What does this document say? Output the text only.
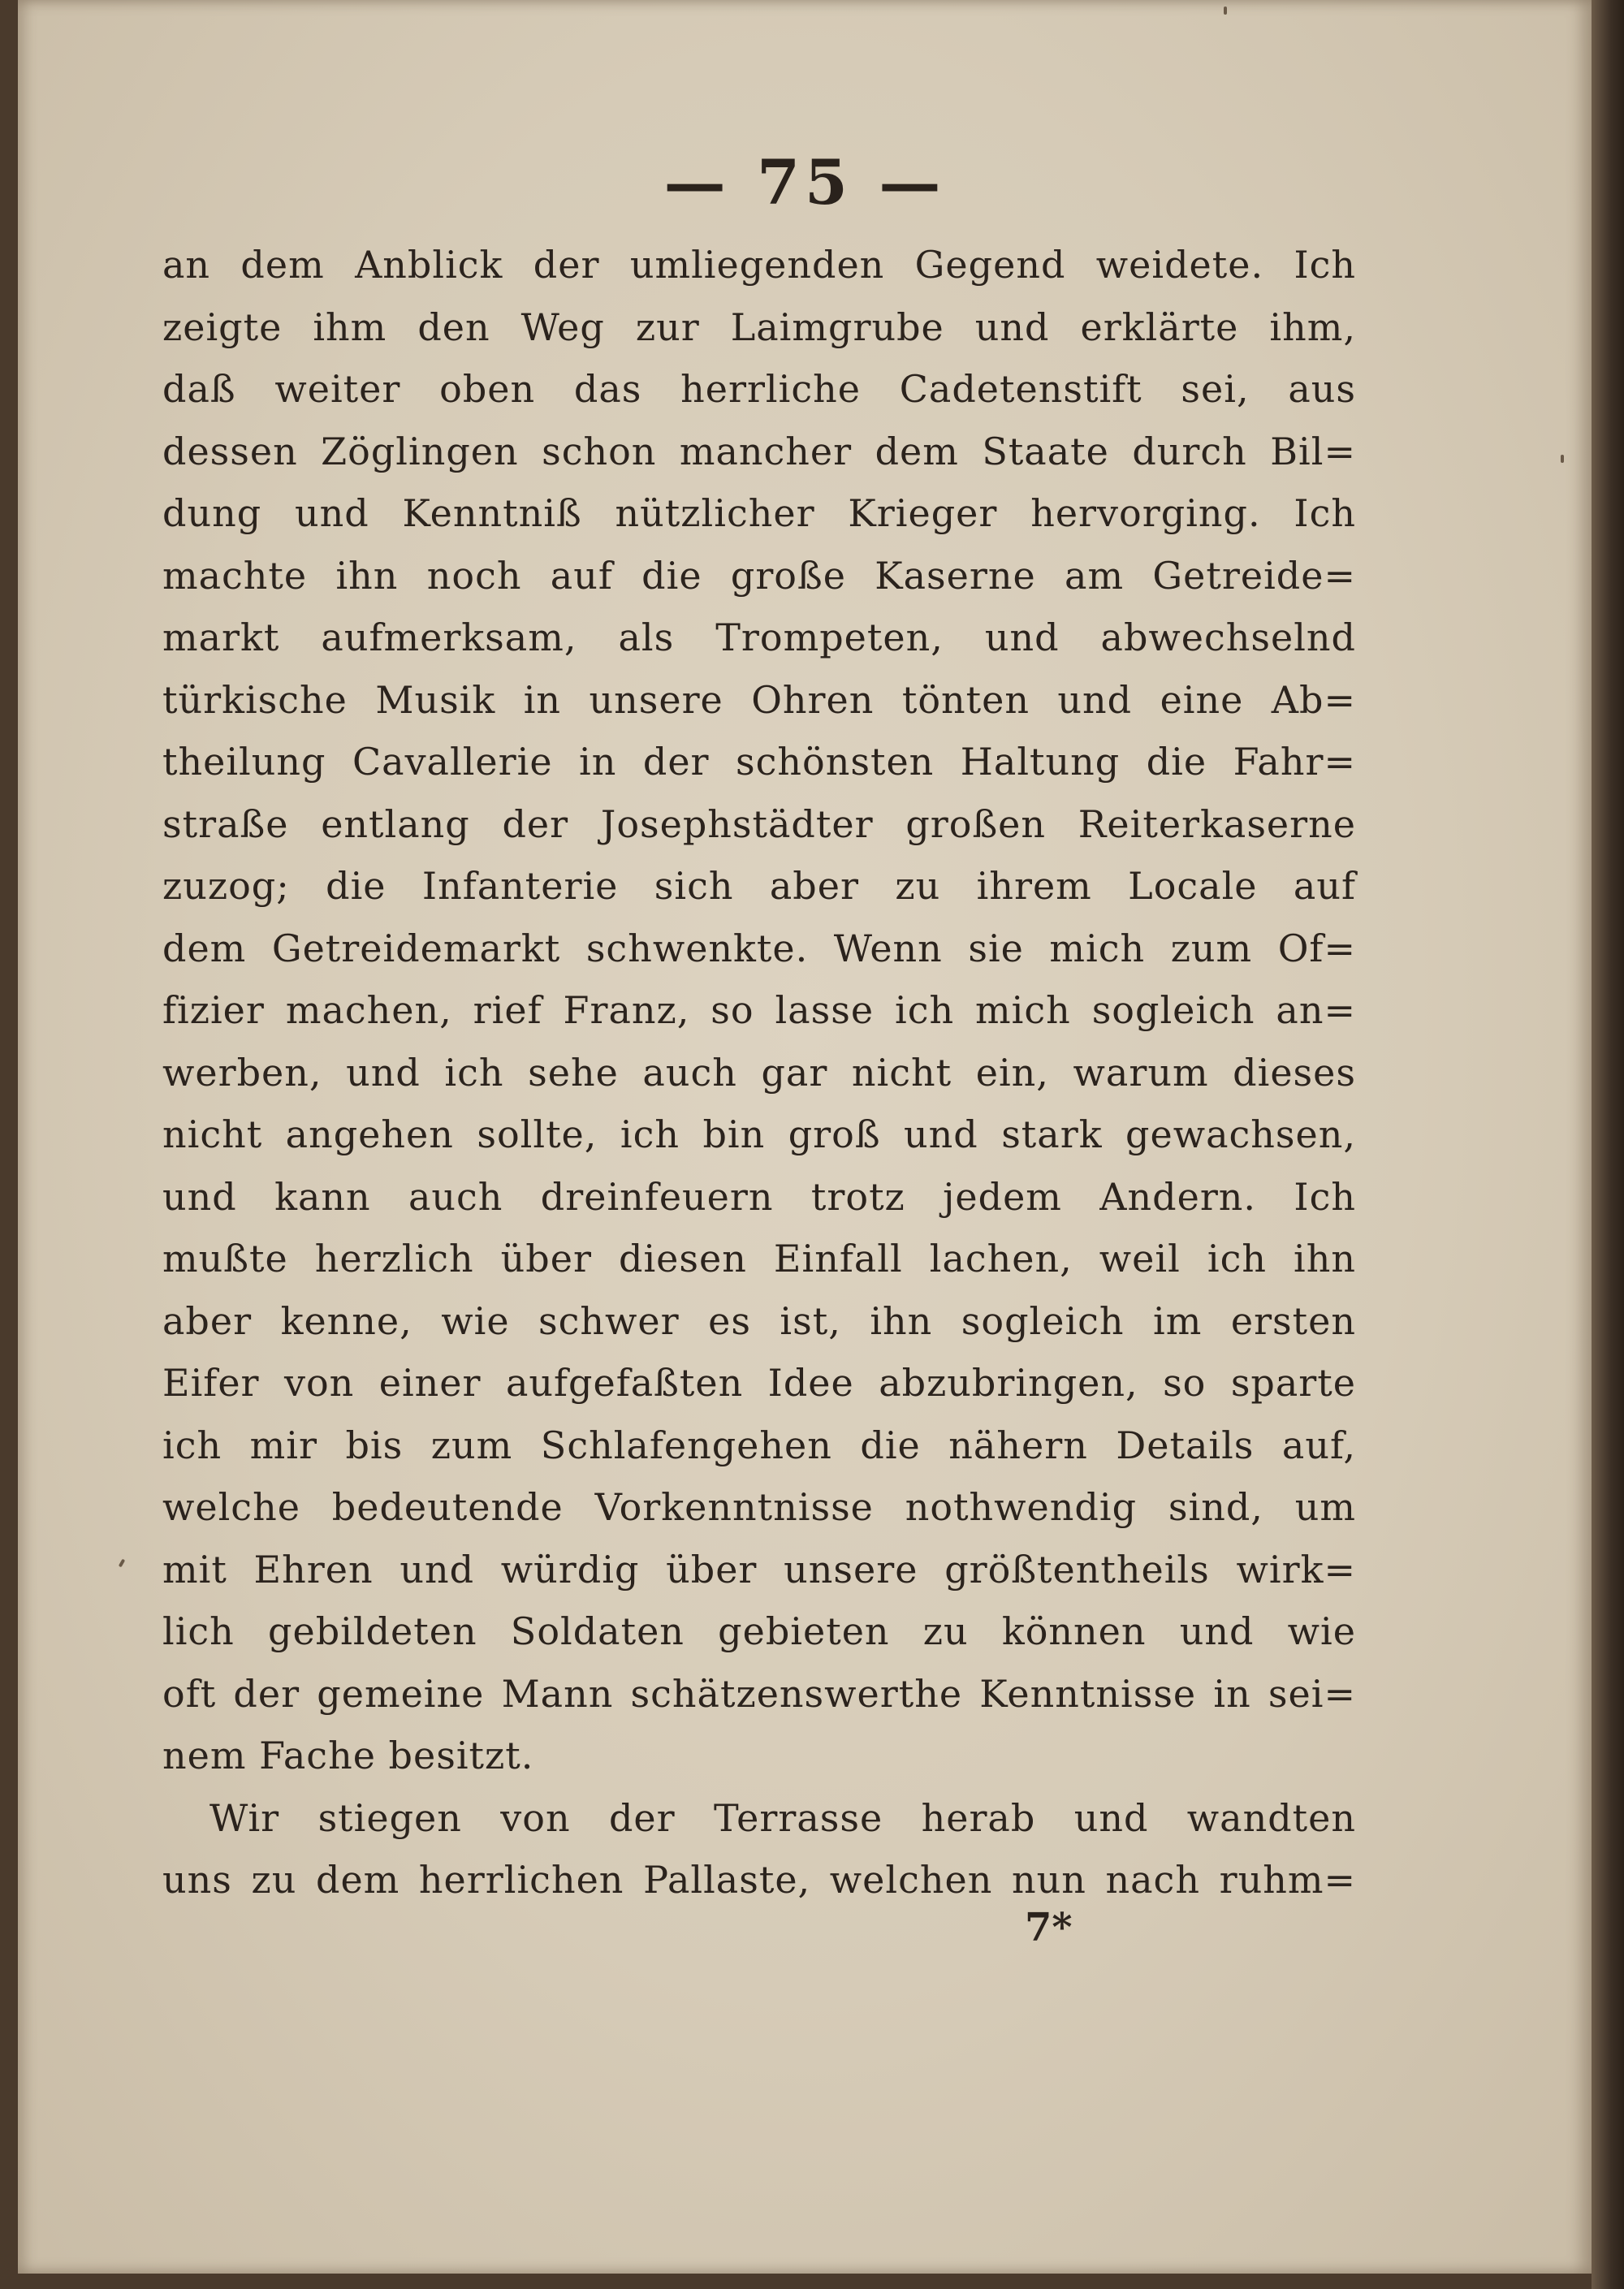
— 75 —
an dem Anblick der umliegenden Gegend weidete. Ich
zeigte ihm den Weg zur Laimgrube und erklärte ihm,
daß weiter oben das herrliche Cadetenstift sei, aus
dessen Zöglingen schon mancher dem Staate durch Bil=
dung und Kenntniß nützlicher Krieger hervorging. Ich
machte ihn noch auf die große Kaserne am Getreide=
markt aufmerksam, als Trompeten, und abwechselnd
türkische Musik in unsere Ohren tönten und eine Ab=
theilung Cavallerie in der schönsten Haltung die Fahr=
straße entlang der Josephstädter großen Reiterkaserne
zuzog; die Infanterie sich aber zu ihrem Locale auf
dem Getreidemarkt schwenkte. Wenn sie mich zum Of=
fizier machen, rief Franz, so lasse ich mich sogleich an=
werben, und ich sehe auch gar nicht ein, warum dieses
nicht angehen sollte, ich bin groß und stark gewachsen,
und kann auch dreinfeuern trotz jedem Andern. Ich
mußte herzlich über diesen Einfall lachen, weil ich ihn
aber kenne, wie schwer es ist, ihn sogleich im ersten
Eifer von einer aufgefaßten Idee abzubringen, so sparte
ich mir bis zum Schlafengehen die nähern Details auf,
welche bedeutende Vorkenntnisse nothwendig sind, um
mit Ehren und würdig über unsere größtentheils wirk=
lich gebildeten Soldaten gebieten zu können und wie
oft der gemeine Mann schätzenswerthe Kenntnisse in sei=
nem Fache besitzt.
Wir stiegen von der Terrasse herab und wandten
uns zu dem herrlichen Pallaste, welchen nun nach ruhm=
7*
